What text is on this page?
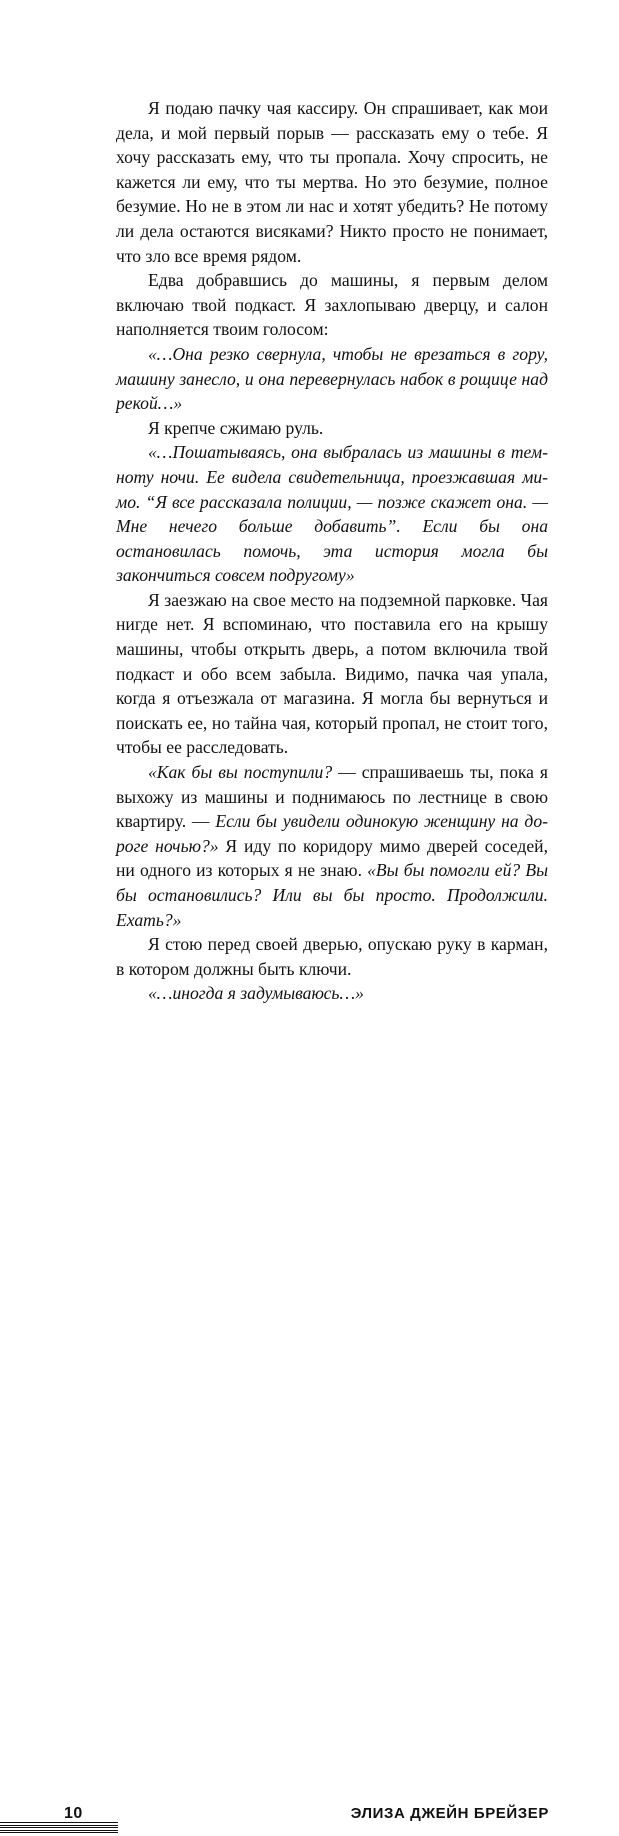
Я подаю пачку чая кассиру. Он спрашивает, как мои дела, и мой первый порыв — рассказать ему о тебе. Я хочу рассказать ему, что ты пропала. Хочу спросить, не кажется ли ему, что ты мертва. Но это безумие, полное безумие. Но не в этом ли нас и хотят убедить? Не потому ли дела остаются висяками? Никто просто не понимает, что зло все время рядом.

Едва добравшись до машины, я первым делом включаю твой подкаст. Я захлопываю дверцу, и салон наполняется твоим голосом:

«…Она резко свернула, чтобы не врезаться в гору, машину занесло, и она перевернулась набок в рощице над рекой…»

Я крепче сжимаю руль.

«…Пошатываясь, она выбралась из машины в темноту ночи. Ее видела свидетельница, проезжавшая мимо. “Я все рассказала полиции, — позже скажет она. — Мне нечего больше добавить”. Если бы она остановилась помочь, эта история могла бы закончиться совсем подругому»

Я заезжаю на свое место на подземной парковке. Чая нигде нет. Я вспоминаю, что поставила его на крышу машины, чтобы открыть дверь, а потом включила твой подкаст и обо всем забыла. Видимо, пачка чая упала, когда я отъезжала от магазина. Я могла бы вернуться и поискать ее, но тайна чая, который пропал, не стоит того, чтобы ее расследовать.

«Как бы вы поступили? — спрашиваешь ты, пока я выхожу из машины и поднимаюсь по лестнице в свою квартиру. — Если бы увидели одинокую женщину на дороге ночью?» Я иду по коридору мимо дверей соседей, ни одного из которых я не знаю. «Вы бы помогли ей? Вы бы остановились? Или вы бы просто. Продолжили. Ехать?»

Я стою перед своей дверью, опускаю руку в карман, в котором должны быть ключи.

«…иногда я задумываюсь…»

10	ЭЛИЗА ДЖЕЙН БРЕЙЗЕР
